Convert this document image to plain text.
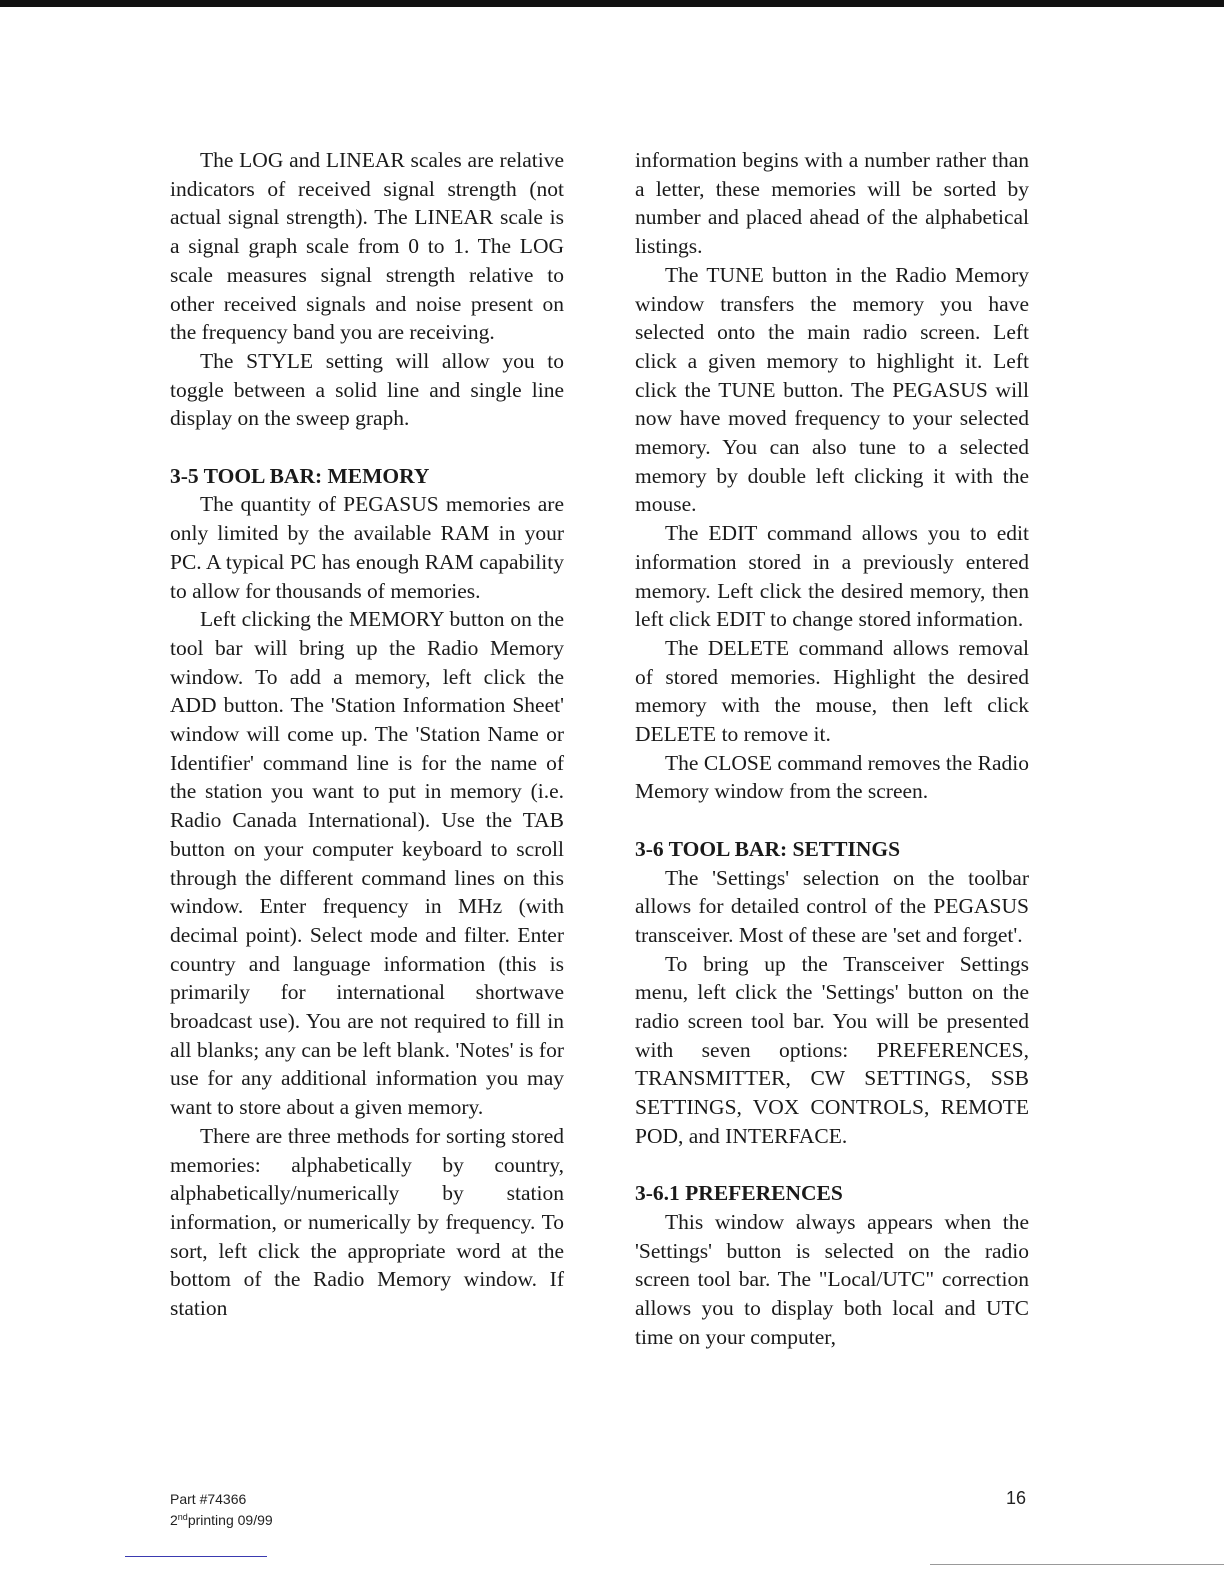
The LOG and LINEAR scales are relative indicators of received signal strength (not actual signal strength). The LINEAR scale is a signal graph scale from 0 to 1. The LOG scale measures signal strength relative to other received signals and noise present on the frequency band you are receiving.

The STYLE setting will allow you to toggle between a solid line and single line display on the sweep graph.

3-5 TOOL BAR: MEMORY

The quantity of PEGASUS memories are only limited by the available RAM in your PC. A typical PC has enough RAM capability to allow for thousands of memories.

Left clicking the MEMORY button on the tool bar will bring up the Radio Memory window. To add a memory, left click the ADD button. The 'Station Information Sheet' window will come up. The 'Station Name or Identifier' command line is for the name of the station you want to put in memory (i.e. Radio Canada International). Use the TAB button on your computer keyboard to scroll through the different command lines on this window. Enter frequency in MHz (with decimal point). Select mode and filter. Enter country and language information (this is primarily for international shortwave broadcast use). You are not required to fill in all blanks; any can be left blank. 'Notes' is for use for any additional information you may want to store about a given memory.

There are three methods for sorting stored memories: alphabetically by country, alphabetically/numerically by station information, or numerically by frequency. To sort, left click the appropriate word at the bottom of the Radio Memory window. If station

information begins with a number rather than a letter, these memories will be sorted by number and placed ahead of the alphabetical listings.

The TUNE button in the Radio Memory window transfers the memory you have selected onto the main radio screen. Left click a given memory to highlight it. Left click the TUNE button. The PEGASUS will now have moved frequency to your selected memory. You can also tune to a selected memory by double left clicking it with the mouse.

The EDIT command allows you to edit information stored in a previously entered memory. Left click the desired memory, then left click EDIT to change stored information.

The DELETE command allows removal of stored memories. Highlight the desired memory with the mouse, then left click DELETE to remove it.

The CLOSE command removes the Radio Memory window from the screen.

3-6 TOOL BAR: SETTINGS

The 'Settings' selection on the toolbar allows for detailed control of the PEGASUS transceiver. Most of these are 'set and forget'.

To bring up the Transceiver Settings menu, left click the 'Settings' button on the radio screen tool bar. You will be presented with seven options: PREFERENCES, TRANSMITTER, CW SETTINGS, SSB SETTINGS, VOX CONTROLS, REMOTE POD, and INTERFACE.

3-6.1 PREFERENCES

This window always appears when the 'Settings' button is selected on the radio screen tool bar. The "Local/UTC" correction allows you to display both local and UTC time on your computer,

Part #74366
2ndprinting 09/99
16
